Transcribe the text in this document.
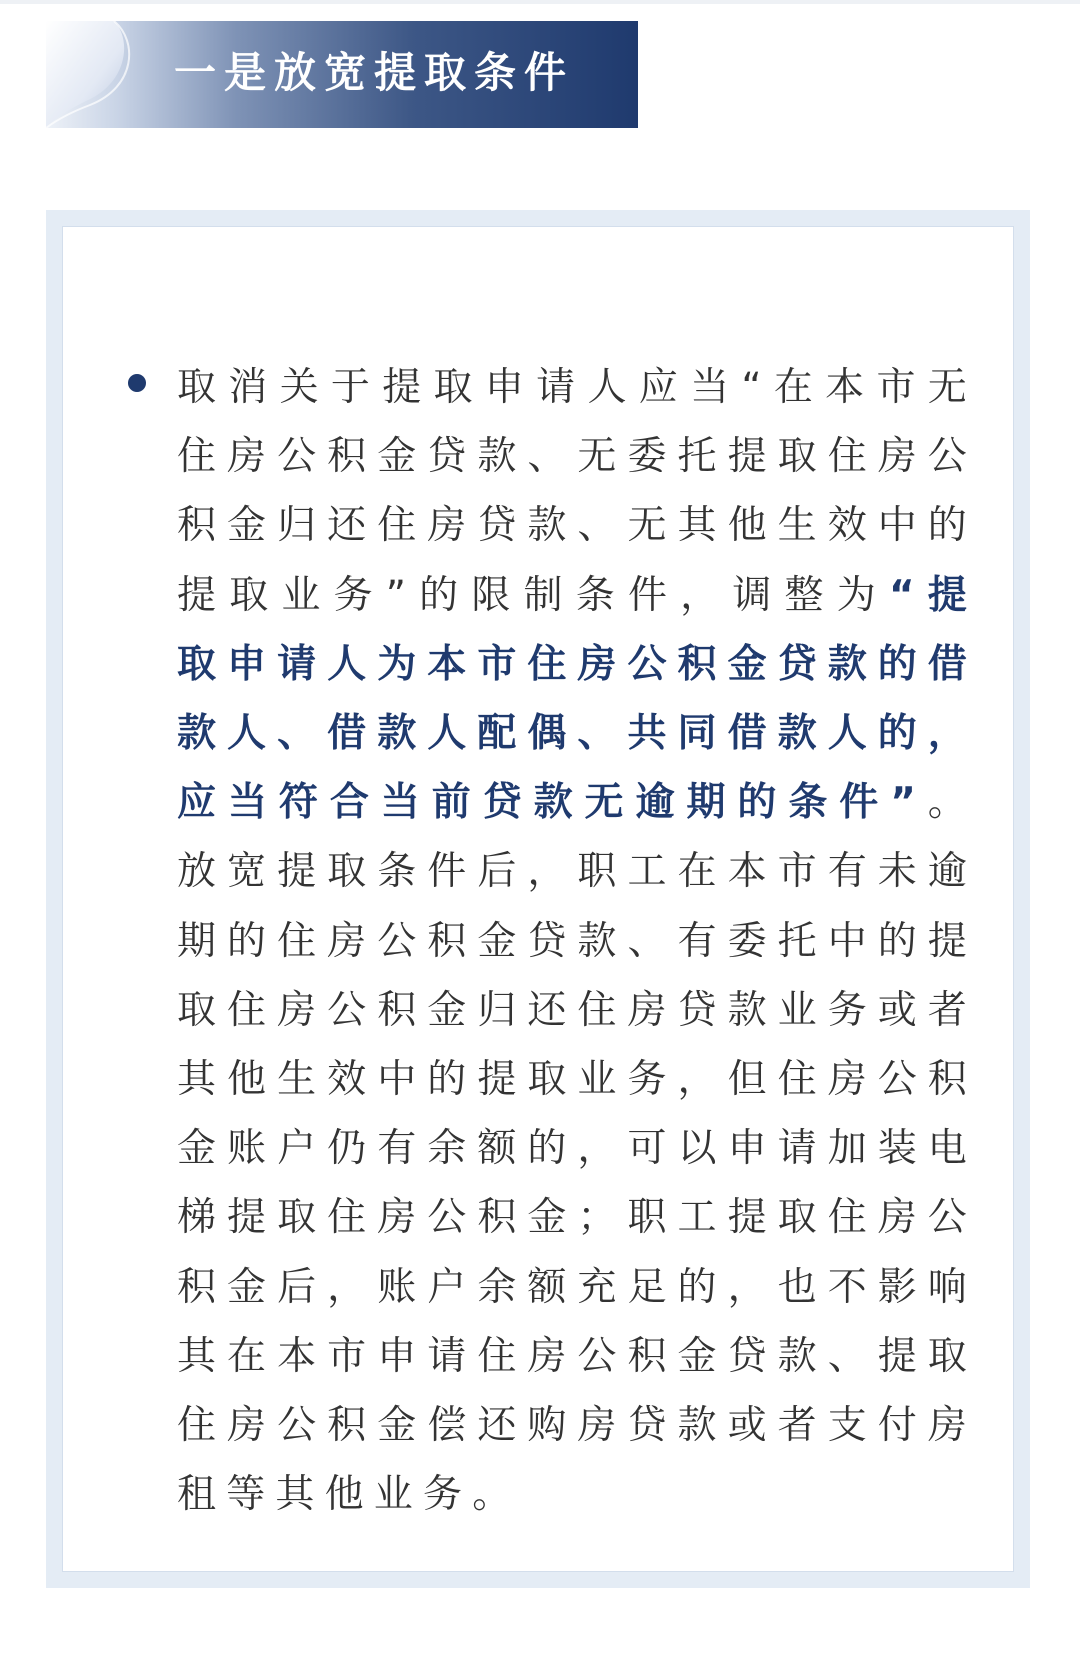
一是放宽提取条件
取消关于提取申请人应当“在本市无住房公积金贷款、无委托提取住房公积金归还住房贷款、无其他生效中的提取业务”的限制条件，调整为“提取申请人为本市住房公积金贷款的借款人、借款人配偶、共同借款人的，应当符合当前贷款无逾期的条件”。放宽提取条件后，职工在本市有未逾期的住房公积金贷款、有委托中的提取住房公积金归还住房贷款业务或者其他生效中的提取业务，但住房公积金账户仍有余额的，可以申请加装电梯提取住房公积金；职工提取住房公积金后，账户余额充足的，也不影响其在本市申请住房公积金贷款、提取住房公积金偿还购房贷款或者支付房租等其他业务。
